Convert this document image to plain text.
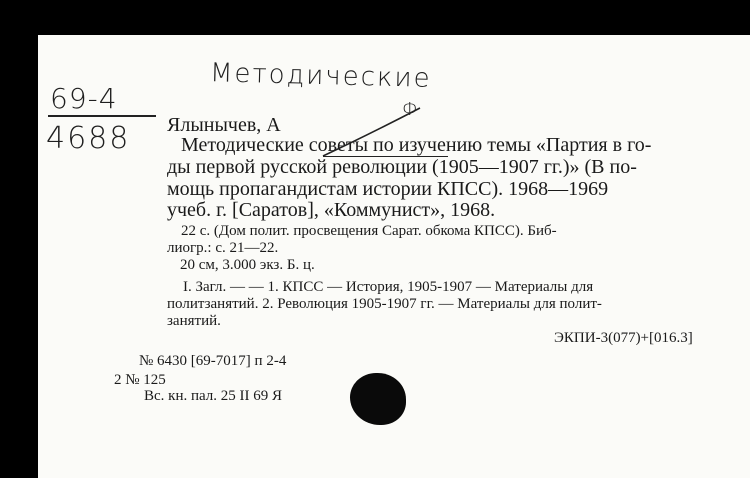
Методические
Ф
69-4
4688 Ялынычев, А
Методические советы по изучению темы «Партия в го-
ды первой русской революции (1905—1907 гг.)» (В по-
мощь пропагандистам истории КПСС). 1968—1969
учеб. г. [Саратов], «Коммунист», 1968.
22 с. (Дом полит. просвещения Сарат. обкома КПСС). Биб-
лиогр.: с. 21—22.
20 см, 3.000 экз. Б. ц.
I. Загл. — — 1. КПСС — История, 1905-1907 — Материалы для
политзанятий. 2. Революция 1905-1907 гг. — Материалы для полит-
занятий.
ЭКПИ-3(077)+[016.3]
№ 6430 [69-7017] п 2-4
2 № 125
Вс. кн. пал. 25 II 69 Я
